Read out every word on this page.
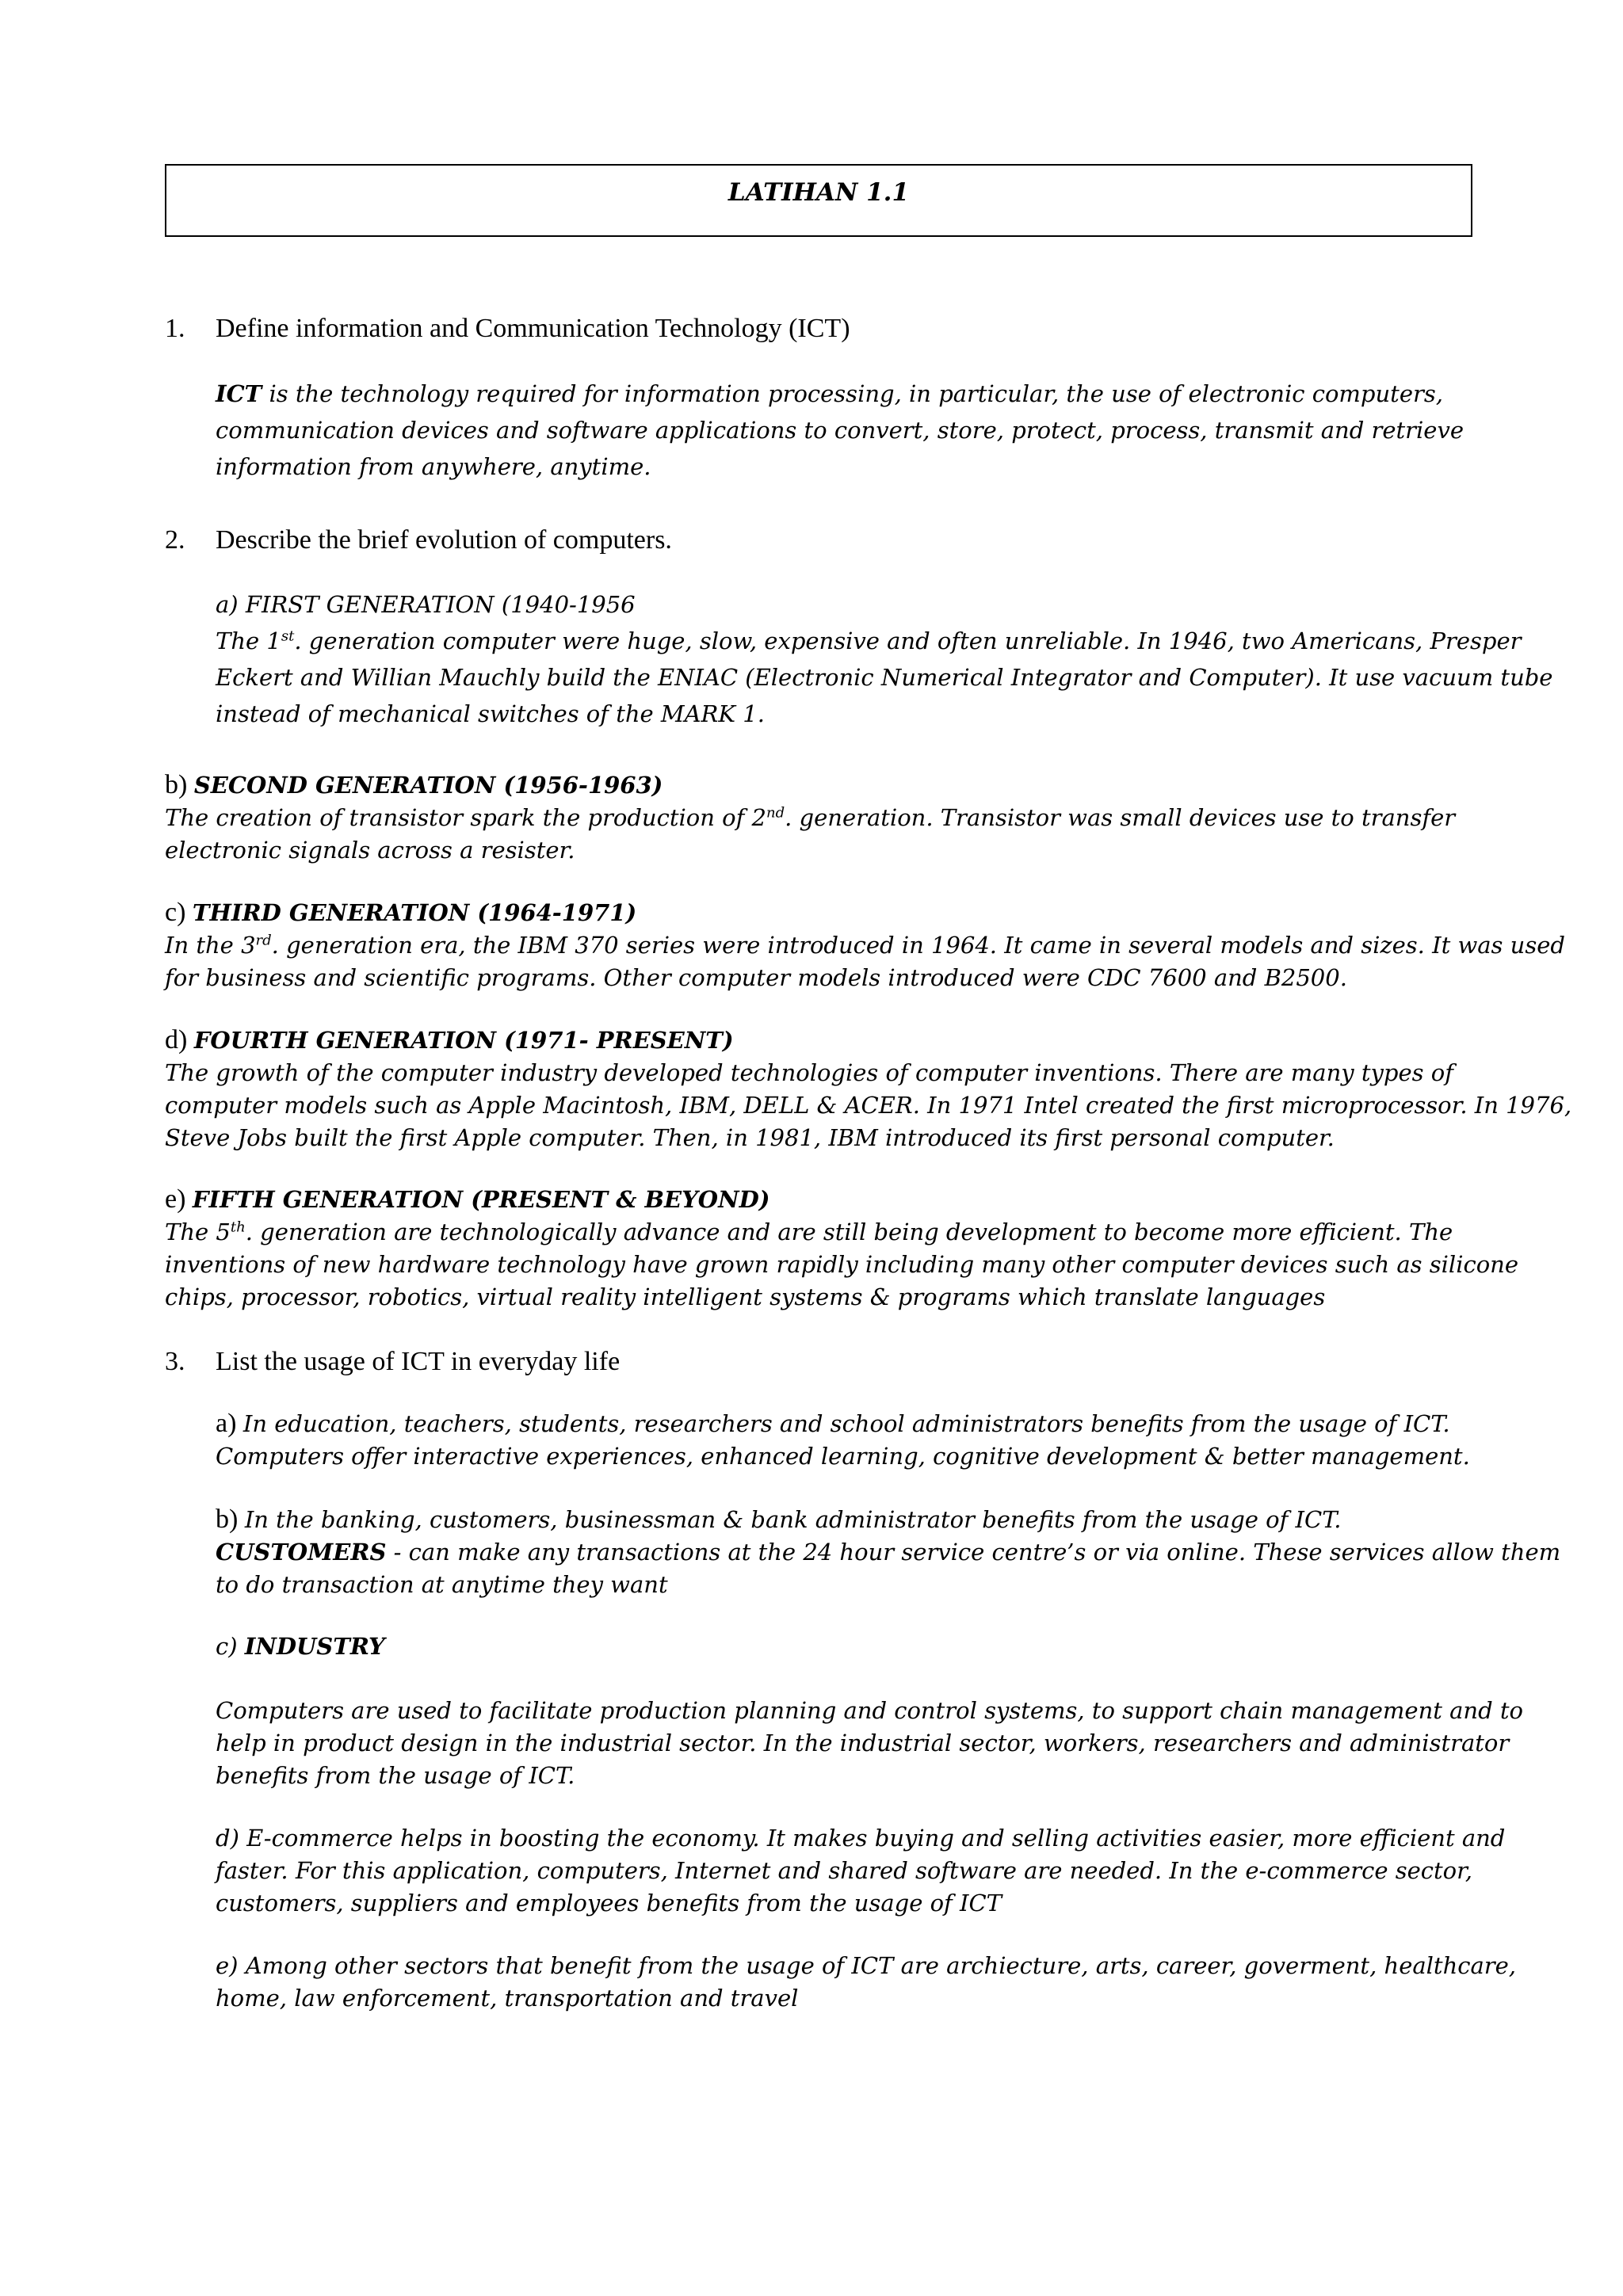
LATIHAN 1.1
1. Define information and Communication Technology (ICT)
ICT is the technology required for information processing, in particular, the use of electronic computers,
communication devices and software applications to convert, store, protect, process, transmit and retrieve
information from anywhere, anytime.
2. Describe the brief evolution of computers.
a) FIRST GENERATION (1940-1956
The 1st. generation computer were huge, slow, expensive and often unreliable. In 1946, two Americans, Presper
Eckert and Willian Mauchly build the ENIAC (Electronic Numerical Integrator and Computer). It use vacuum tube
instead of mechanical switches of the MARK 1.
b) SECOND GENERATION (1956-1963)
The creation of transistor spark the production of 2nd. generation. Transistor was small devices use to transfer
electronic signals across a resister.
c) THIRD GENERATION (1964-1971)
In the 3rd. generation era, the IBM 370 series were introduced in 1964. It came in several models and sizes. It was used
for business and scientific programs. Other computer models introduced were CDC 7600 and B2500.
d) FOURTH GENERATION (1971- PRESENT)
The growth of the computer industry developed technologies of computer inventions. There are many types of
computer models such as Apple Macintosh, IBM, DELL & ACER. In 1971 Intel created the first microprocessor. In 1976,
Steve Jobs built the first Apple computer. Then, in 1981, IBM introduced its first personal computer.
e) FIFTH GENERATION (PRESENT & BEYOND)
The 5th. generation are technologically advance and are still being development to become more efficient. The
inventions of new hardware technology have grown rapidly including many other computer devices such as silicone
chips, processor, robotics, virtual reality intelligent systems & programs which translate languages
3. List the usage of ICT in everyday life
a) In education, teachers, students, researchers and school administrators benefits from the usage of ICT.
Computers offer interactive experiences, enhanced learning, cognitive development & better management.
b) In the banking, customers, businessman & bank administrator benefits from the usage of ICT.
CUSTOMERS - can make any transactions at the 24 hour service centre’s or via online. These services allow them
to do transaction at anytime they want
c) INDUSTRY
Computers are used to facilitate production planning and control systems, to support chain management and to
help in product design in the industrial sector. In the industrial sector, workers, researchers and administrator
benefits from the usage of ICT.
d) E-commerce helps in boosting the economy. It makes buying and selling activities easier, more efficient and
faster. For this application, computers, Internet and shared software are needed. In the e-commerce sector,
customers, suppliers and employees benefits from the usage of ICT
e) Among other sectors that benefit from the usage of ICT are archiecture, arts, career, goverment, healthcare,
home, law enforcement, transportation and travel
